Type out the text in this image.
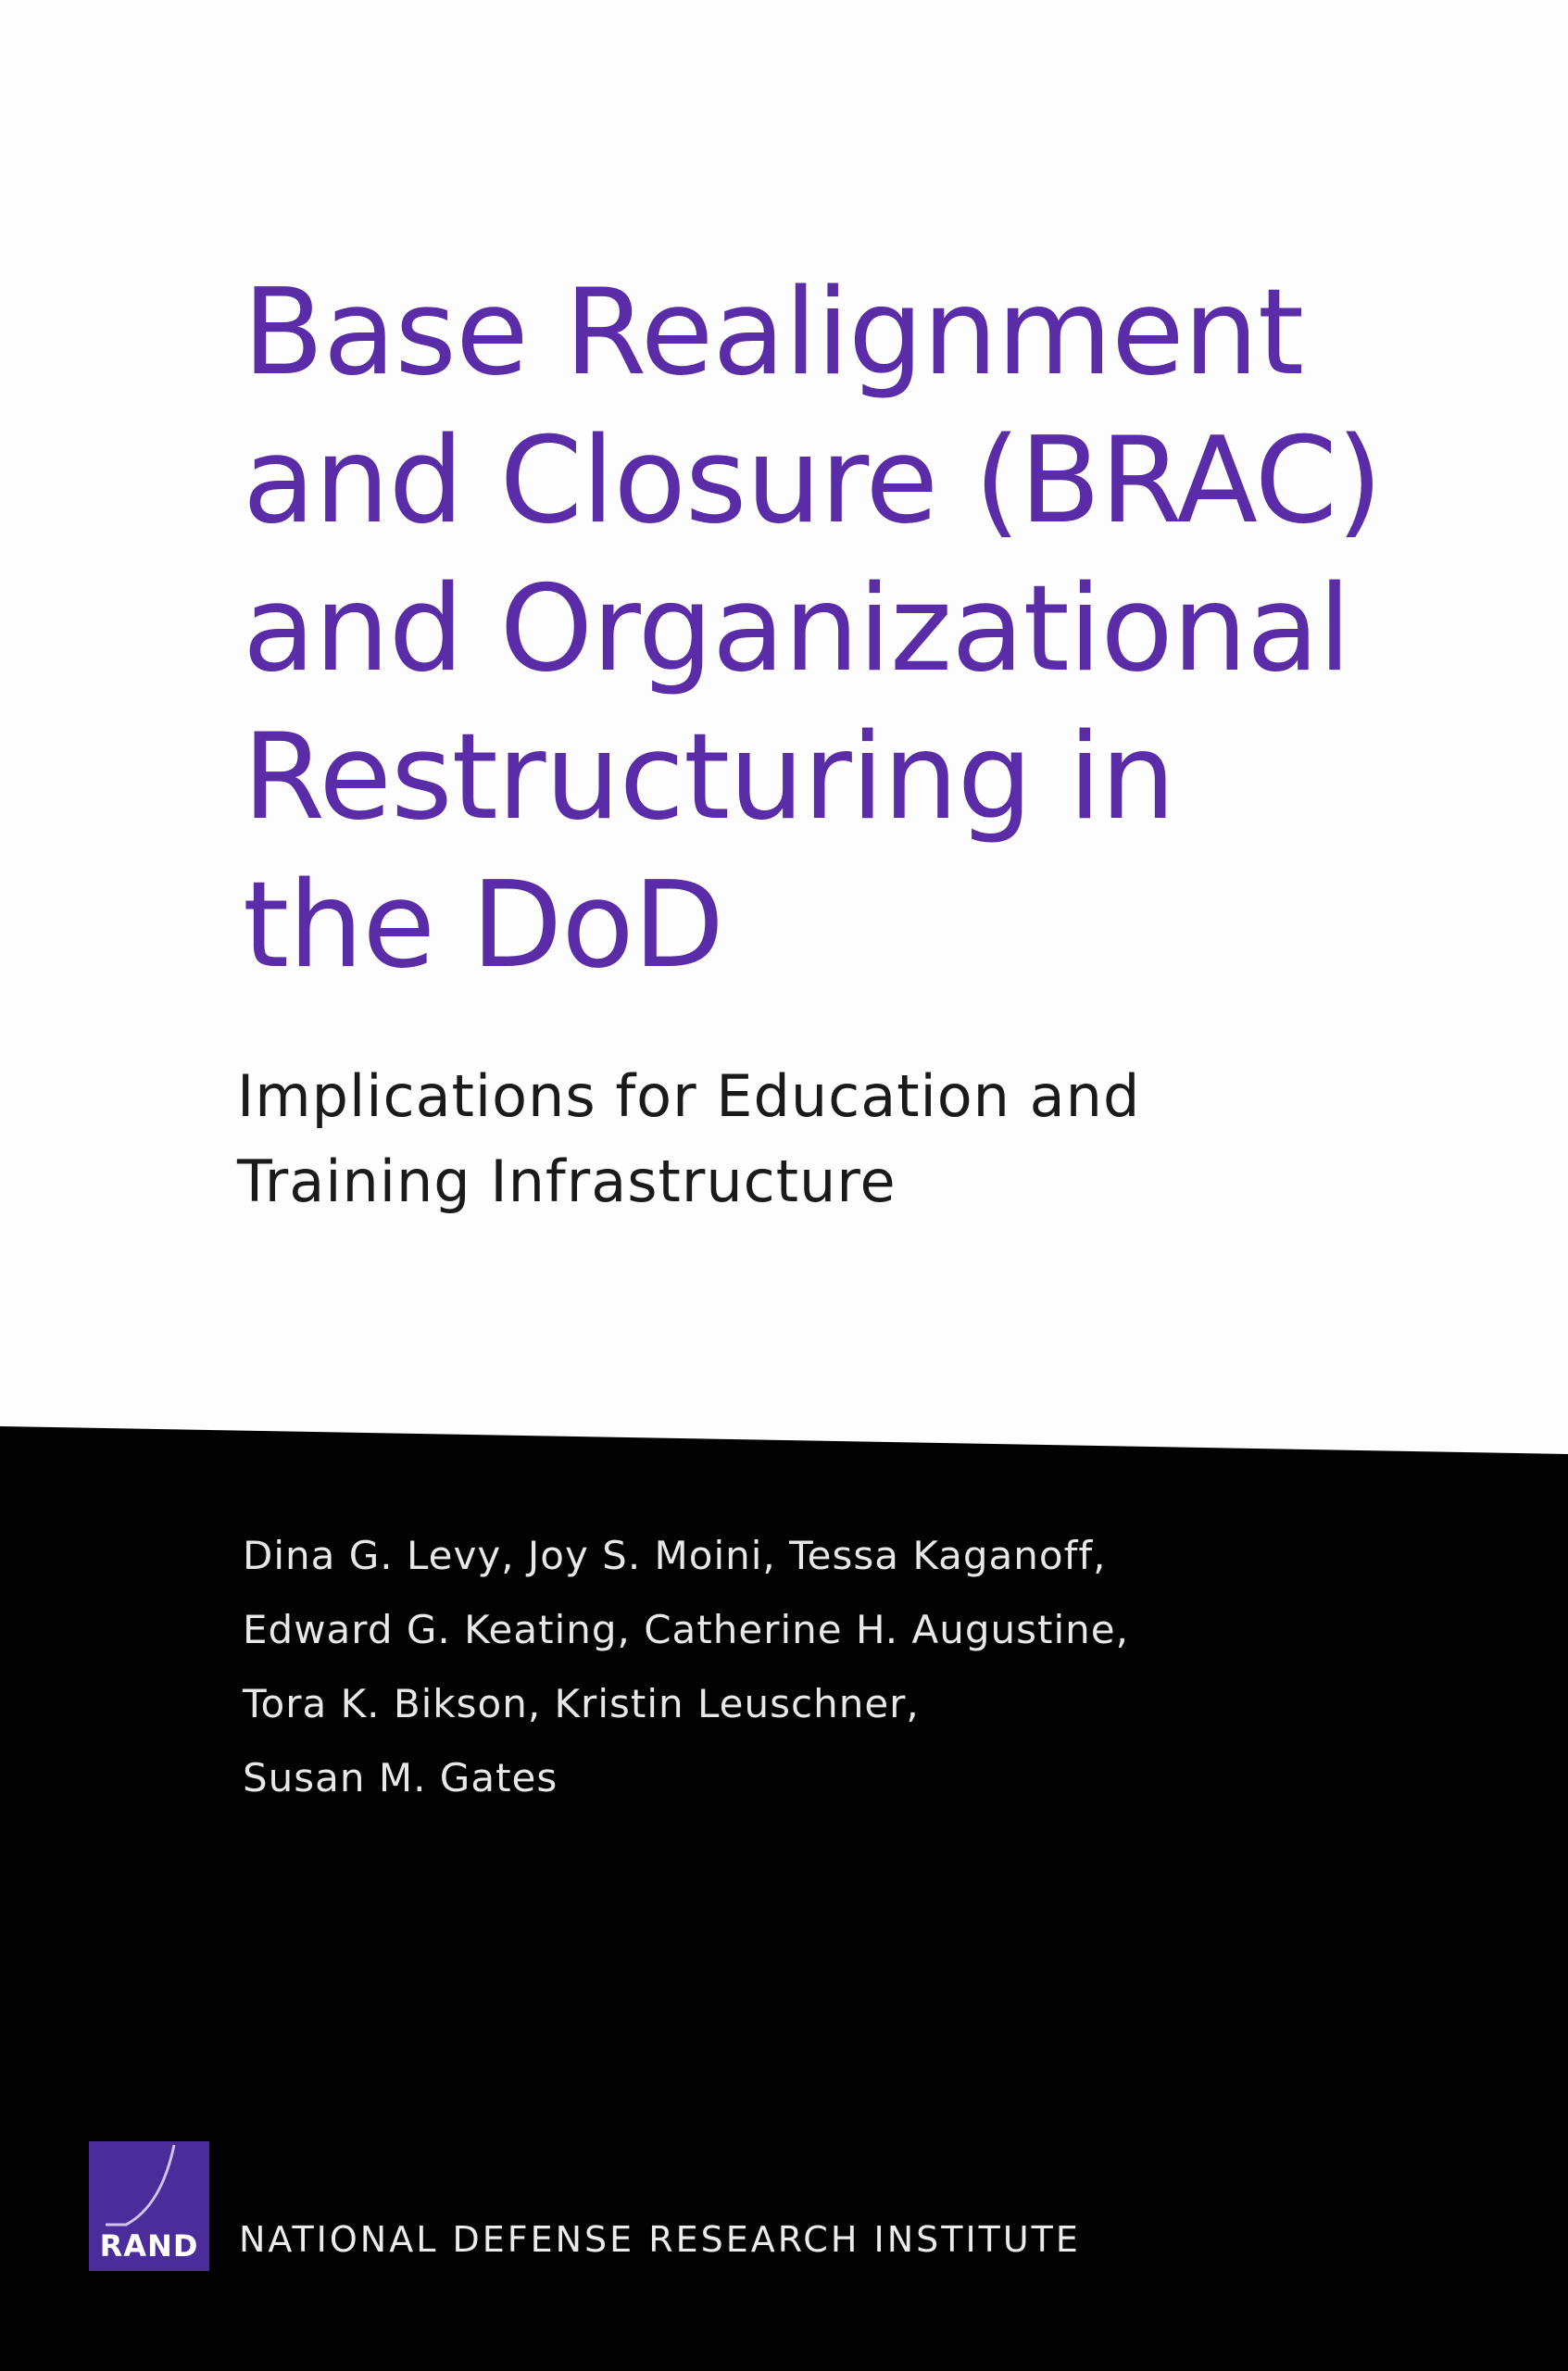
Base Realignment
and Closure (BRAC)
and Organizational
Restructuring in
the DoD
Implications for Education and
Training Infrastructure
Dina G. Levy, Joy S. Moini, Tessa Kaganoff,
Edward G. Keating, Catherine H. Augustine,
Tora K. Bikson, Kristin Leuschner,
Susan M. Gates
RAND	NATIONAL DEFENSE RESEARCH INSTITUTE
